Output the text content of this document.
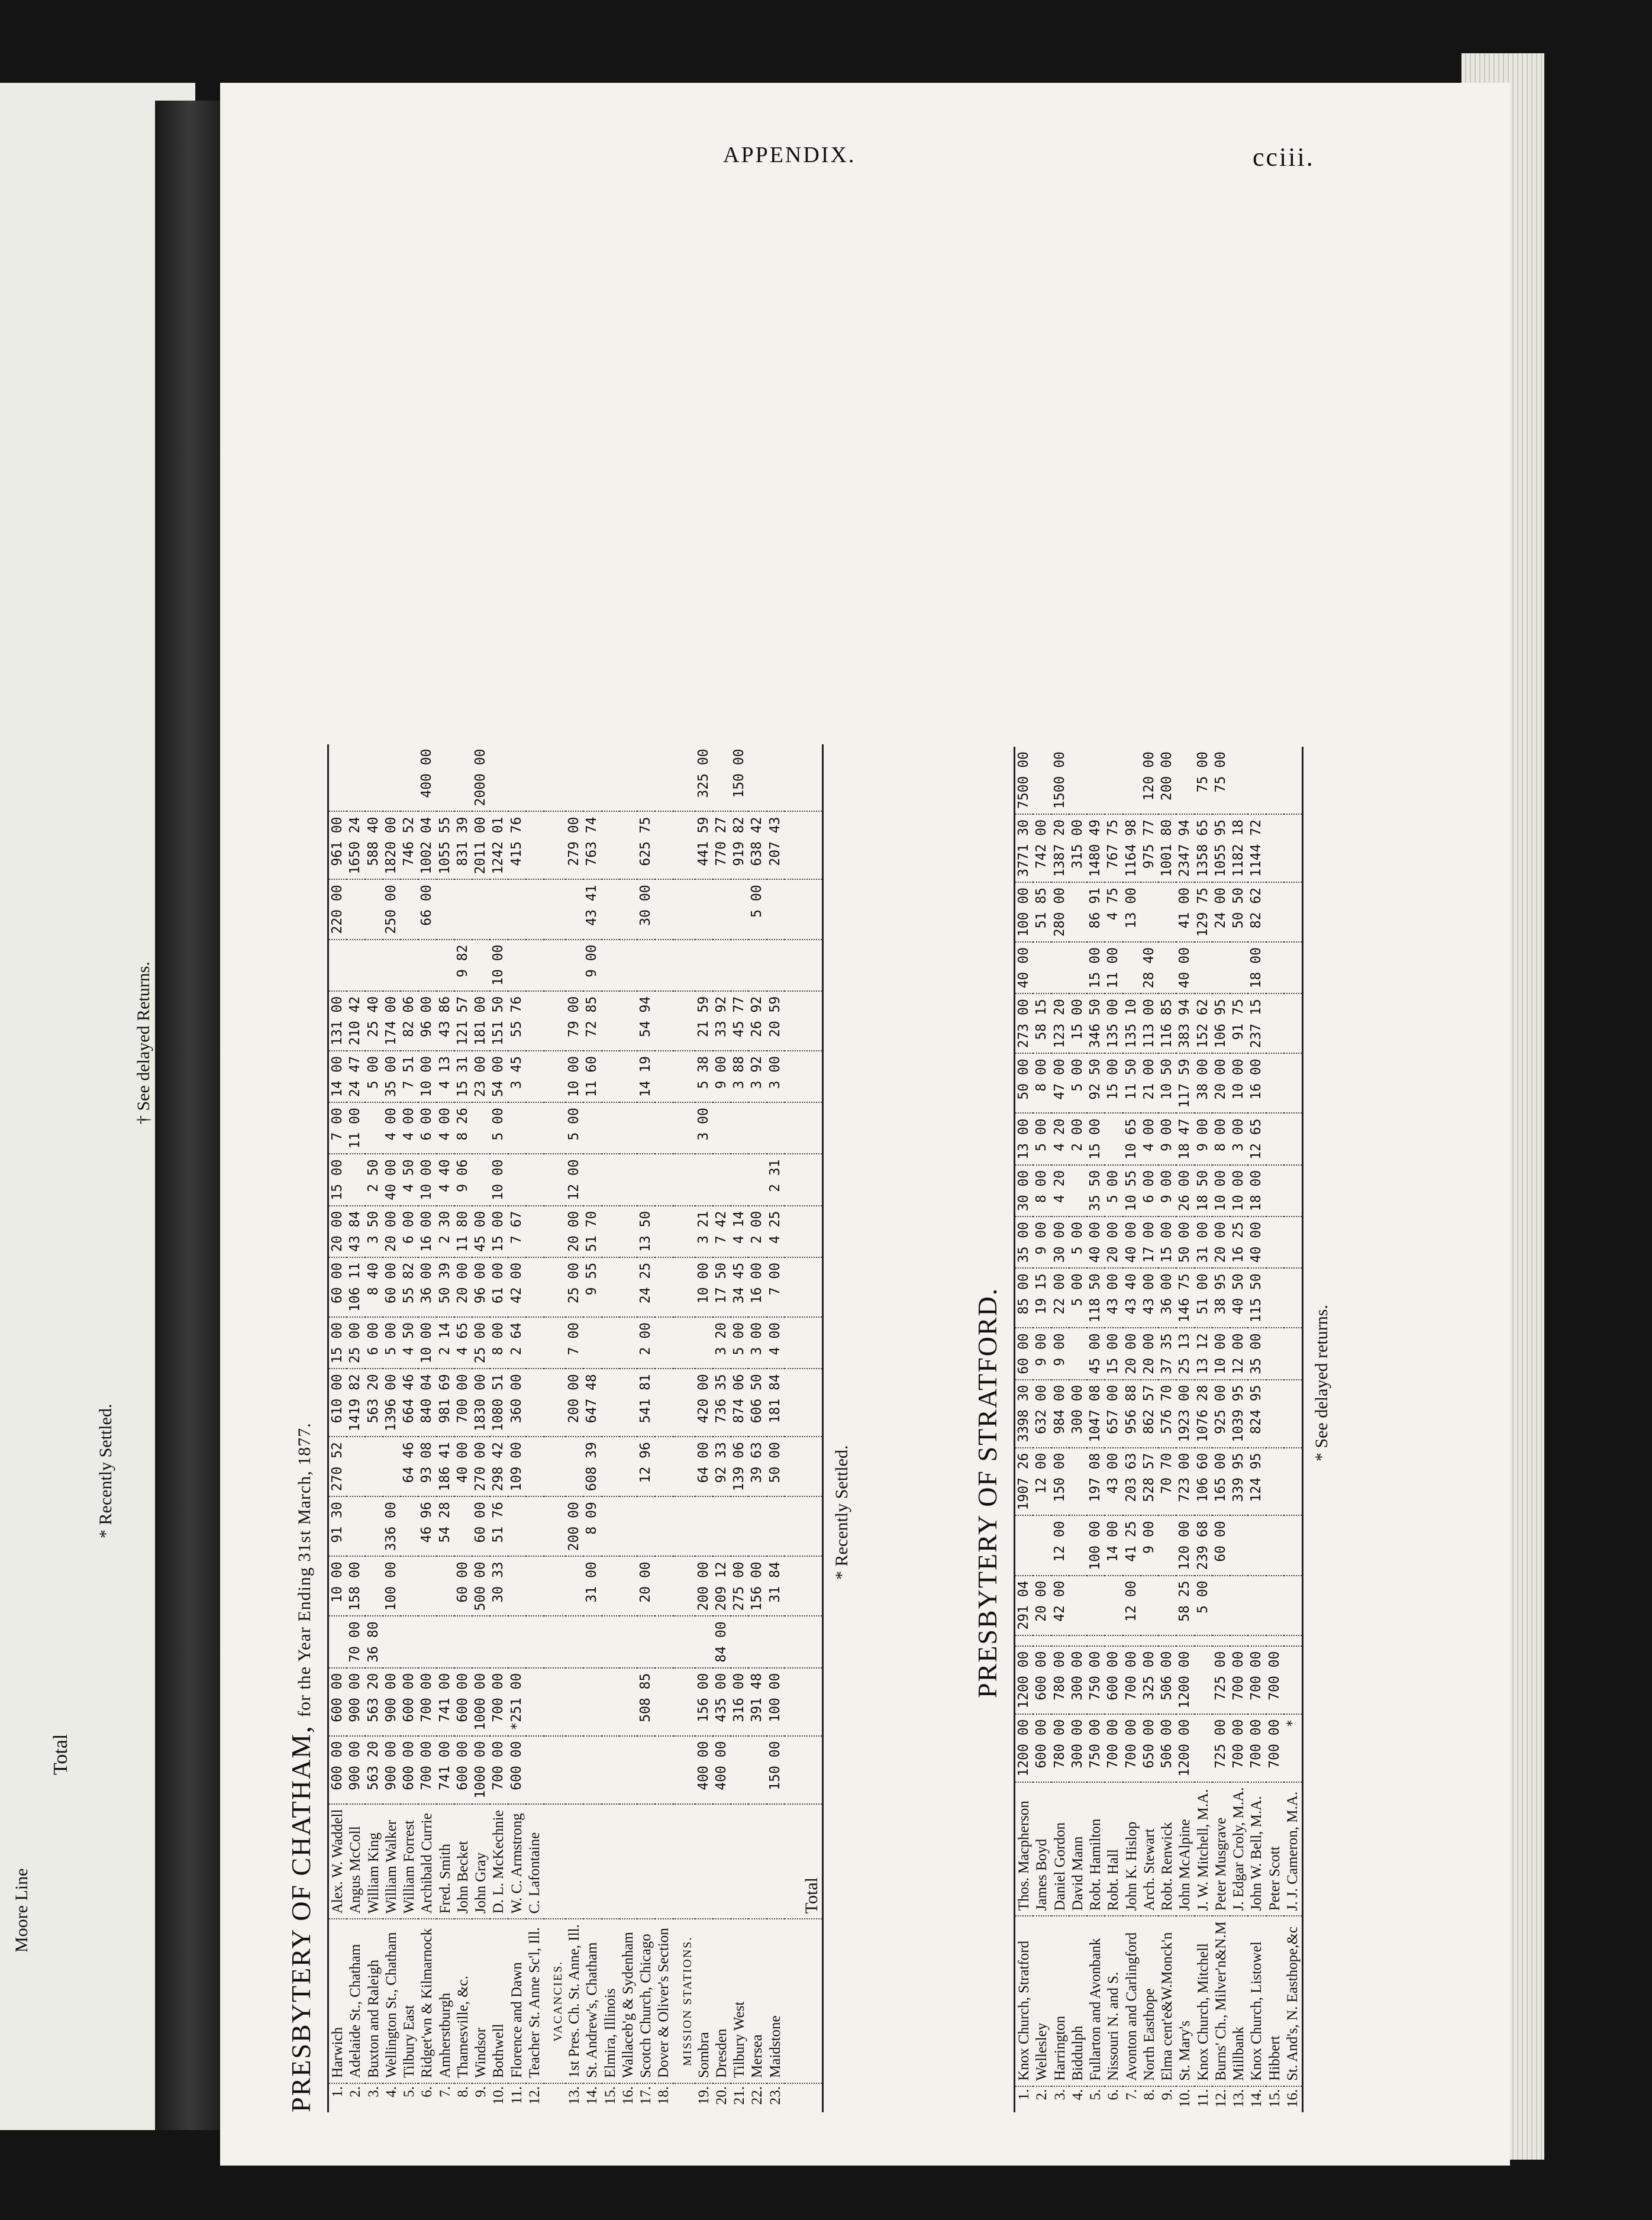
APPENDIX.	cciii.
PRESBYTERY OF CHATHAM, for the Year Ending 31st March, 1877.
1.	Harwich	Alex. W. Waddell	600 00	600 00		10 00	91 30	270 52	610 00	15 00	60 00	20 00	15 00	7 00	14 00	131 00		220 00	961 00	
2.	Adelaide St., Chatham	Angus McColl	900 00	900 00	70 00	158 00			1419 82	25 00	106 11	43 84		11 00	24 47	210 42			1650 24	
3.	Buxton and Raleigh	William King	563 20	563 20	36 80				563 20	6 00	8 40	3 50	2 50		5 00	25 40			588 40	
4.	Wellington St., Chatham	William Walker	900 00	900 00		100 00	336 00		1396 00	5 00	60 00	20 00	40 00	4 00	35 00	174 00		250 00	1820 00	
5.	Tilbury East	William Forrest	600 00	600 00				64 46	664 46	4 50	55 82	6 00	4 50	4 00	7 51	82 06			746 52	
6.	Ridget'wn & Kilmarnock	Archibald Currie	700 00	700 00			46 96	93 08	840 04	10 00	36 00	16 00	10 00	6 00	10 00	96 00		66 00	1002 04	400 00
7.	Amherstburgh	Fred. Smith	741 00	741 00			54 28	186 41	981 69	2 14	50 39	2 30	4 40	4 00	4 13	43 86			1055 55	
8.	Thamesville, &c.	John Becket	600 00	600 00		60 00		40 00	700 00	4 65	20 00	11 80	9 06	8 26	15 31	121 57	9 82		831 39	
9.	Windsor	John Gray	1000 00	1000 00		500 00	60 00	270 00	1830 00	25 00	96 00	45 00			23 00	181 00			2011 00	2000 00
10.	Bothwell	D. L. McKechnie	700 00	700 00		30 33	51 76	298 42	1080 51	8 00	61 00	15 00	10 00	5 00	54 00	151 50	10 00		1242 01	
11.	Florence and Dawn	W. C. Armstrong	600 00	*251 00				109 00	360 00	2 64	42 00	7 67			3 45	55 76			415 76	
12.	Teacher St. Anne Sc'l, Ill.	C. Lafontaine																		
	VACANCIES.																			
13.	1st Pres. Ch. St. Anne, Ill.						200 00		200 00	7 00	25 00	20 00	12 00	5 00	10 00	79 00			279 00	
14.	St. Andrew's, Chatham					31 00	8 09	608 39	647 48		9 55	51 70			11 60	72 85	9 00	43 41	763 74	
15.	Elmira, Illinois																			
16.	Wallaceb'g & Sydenham																			
17.	Scotch Church, Chicago			508 85		20 00		12 96	541 81	2 00	24 25	13 50			14 19	54 94		30 00	625 75	
18.	Dover & Oliver's Section																			
	MISSION STATIONS.																			
19.	Sombra		400 00	156 00		200 00		64 00	420 00		10 00	3 21		3 00	5 38	21 59			441 59	325 00
20.	Dresden		400 00	435 00	84 00	209 12		92 33	736 35	3 20	17 50	7 42			9 00	33 92			770 27	
21.	Tilbury West			316 00		275 00		139 06	874 06	5 00	34 45	4 14			3 88	45 77			919 82	150 00
22.	Mersea			391 48		156 00		39 63	606 50	3 00	16 00	2 00			3 92	26 92		5 00	638 42	
23.	Maidstone		150 00	100 00		31 84		50 00	181 84	4 00	7 00	4 25	2 31		3 00	20 59			207 43	
		Total																		
* Recently Settled.	PRESBYTERY OF STRATFORD.
1.	Knox Church, Stratford	Thos. Macpherson	1200 00	1200 00		291 04		1907 26	3398 30	60 00	85 00	35 00	30 00	13 00	50 00	273 00	40 00	100 00	3771 30	7500 00
2.	Wellesley	James Boyd	600 00	600 00		20 00		12 00	632 00	9 00	19 15	9 00	8 00	5 00	8 00	58 15		51 85	742 00	
3.	Harrington	Daniel Gordon	780 00	780 00		42 00	12 00	150 00	984 00	9 00	22 00	30 00	4 20	4 20	47 00	123 20		280 00	1387 20	1500 00
4.	Biddulph	David Mann	300 00	300 00					300 00		5 00	5 00		2 00	5 00	15 00			315 00	
5.	Fullarton and Avonbank	Robt. Hamilton	750 00	750 00			100 00	197 08	1047 08	45 00	118 50	40 00	35 50	15 00	92 50	346 50	15 00	86 91	1480 49	
6.	Nissouri N. and S.	Robt. Hall	700 00	600 00			14 00	43 00	657 00	15 00	43 00	20 00	5 00		15 00	135 00	11 00	4 75	767 75	
7.	Avonton and Carlingford	John K. Hislop	700 00	700 00		12 00	41 25	203 63	956 88	20 00	43 40	40 00	10 55	10 65	11 50	135 10		13 00	1164 98	
8.	North Easthope	Arch. Stewart	650 00	325 00			9 00	528 57	862 57	20 00	43 00	17 00	6 00	4 00	21 00	113 00	28 40		975 77	120 00
9.	Elma cent'e&W.Monck'n	Robt. Renwick	506 00	506 00				70 70	576 70	37 35	36 00	15 00	9 00	9 00	10 50	116 85			1001 80	200 00
10.	St. Mary's	John McAlpine	1200 00	1200 00		58 25	120 00	723 00	1923 00	25 13	146 75	50 00	26 00	18 47	117 59	383 94	40 00	41 00	2347 94	
11.	Knox Church, Mitchell	J. W. Mitchell, M.A.				5 00	239 68	106 60	1076 28	13 12	51 00	31 00	18 50	9 00	38 00	152 62		129 75	1358 65	75 00
12.	Burns' Ch., Milver'n&N.M	Peter Musgrave	725 00	725 00			60 00	165 00	925 00	10 00	38 95	20 00	10 00	8 00	20 00	106 95		24 00	1055 95	75 00
13.	Millbank	J. Edgar Croly, M.A.	700 00	700 00				339 95	1039 95	12 00	40 50	16 25	10 00	3 00	10 00	91 75		50 50	1182 18	
14.	Knox Church, Listowel	John W. Bell, M.A.	700 00	700 00				124 95	824 95	35 00	115 50	40 00	18 00	12 65	16 00	237 15	18 00	82 62	1144 72	
15.	Hibbert	Peter Scott	700 00	700 00																
16.	St. And's, N. Easthope,&c	J. J. Cameron, M.A.	*																	
* See delayed returns.
Moore Line
Total
* Recently Settled.
† See delayed Returns.
